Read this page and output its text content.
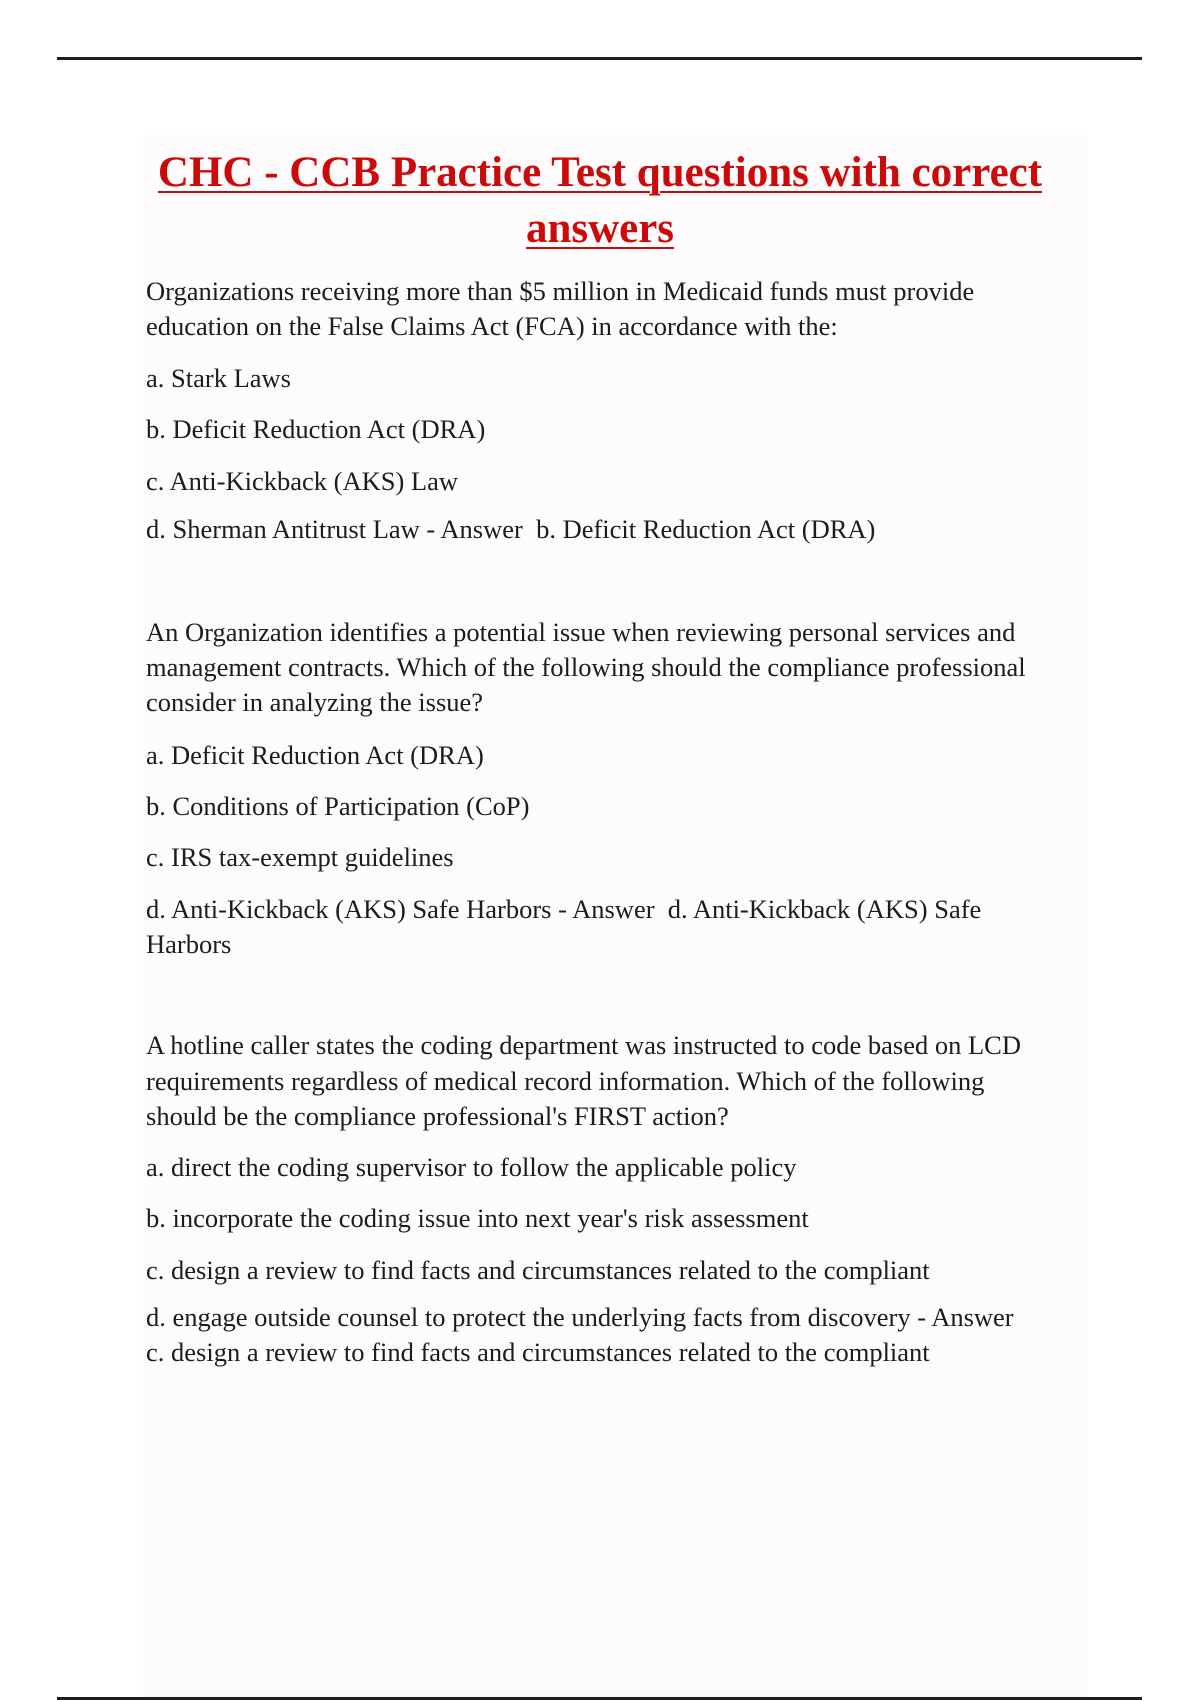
CHC - CCB Practice Test questions with correct
answers
Organizations receiving more than $5 million in Medicaid funds must provide
education on the False Claims Act (FCA) in accordance with the:
a. Stark Laws
b. Deficit Reduction Act (DRA)
c. Anti-Kickback (AKS) Law
d. Sherman Antitrust Law - Answer  b. Deficit Reduction Act (DRA)
An Organization identifies a potential issue when reviewing personal services and
management contracts. Which of the following should the compliance professional
consider in analyzing the issue?
a. Deficit Reduction Act (DRA)
b. Conditions of Participation (CoP)
c. IRS tax-exempt guidelines
d. Anti-Kickback (AKS) Safe Harbors - Answer  d. Anti-Kickback (AKS) Safe
Harbors
A hotline caller states the coding department was instructed to code based on LCD
requirements regardless of medical record information. Which of the following
should be the compliance professional's FIRST action?
a. direct the coding supervisor to follow the applicable policy
b. incorporate the coding issue into next year's risk assessment
c. design a review to find facts and circumstances related to the compliant
d. engage outside counsel to protect the underlying facts from discovery - Answer
c. design a review to find facts and circumstances related to the compliant
